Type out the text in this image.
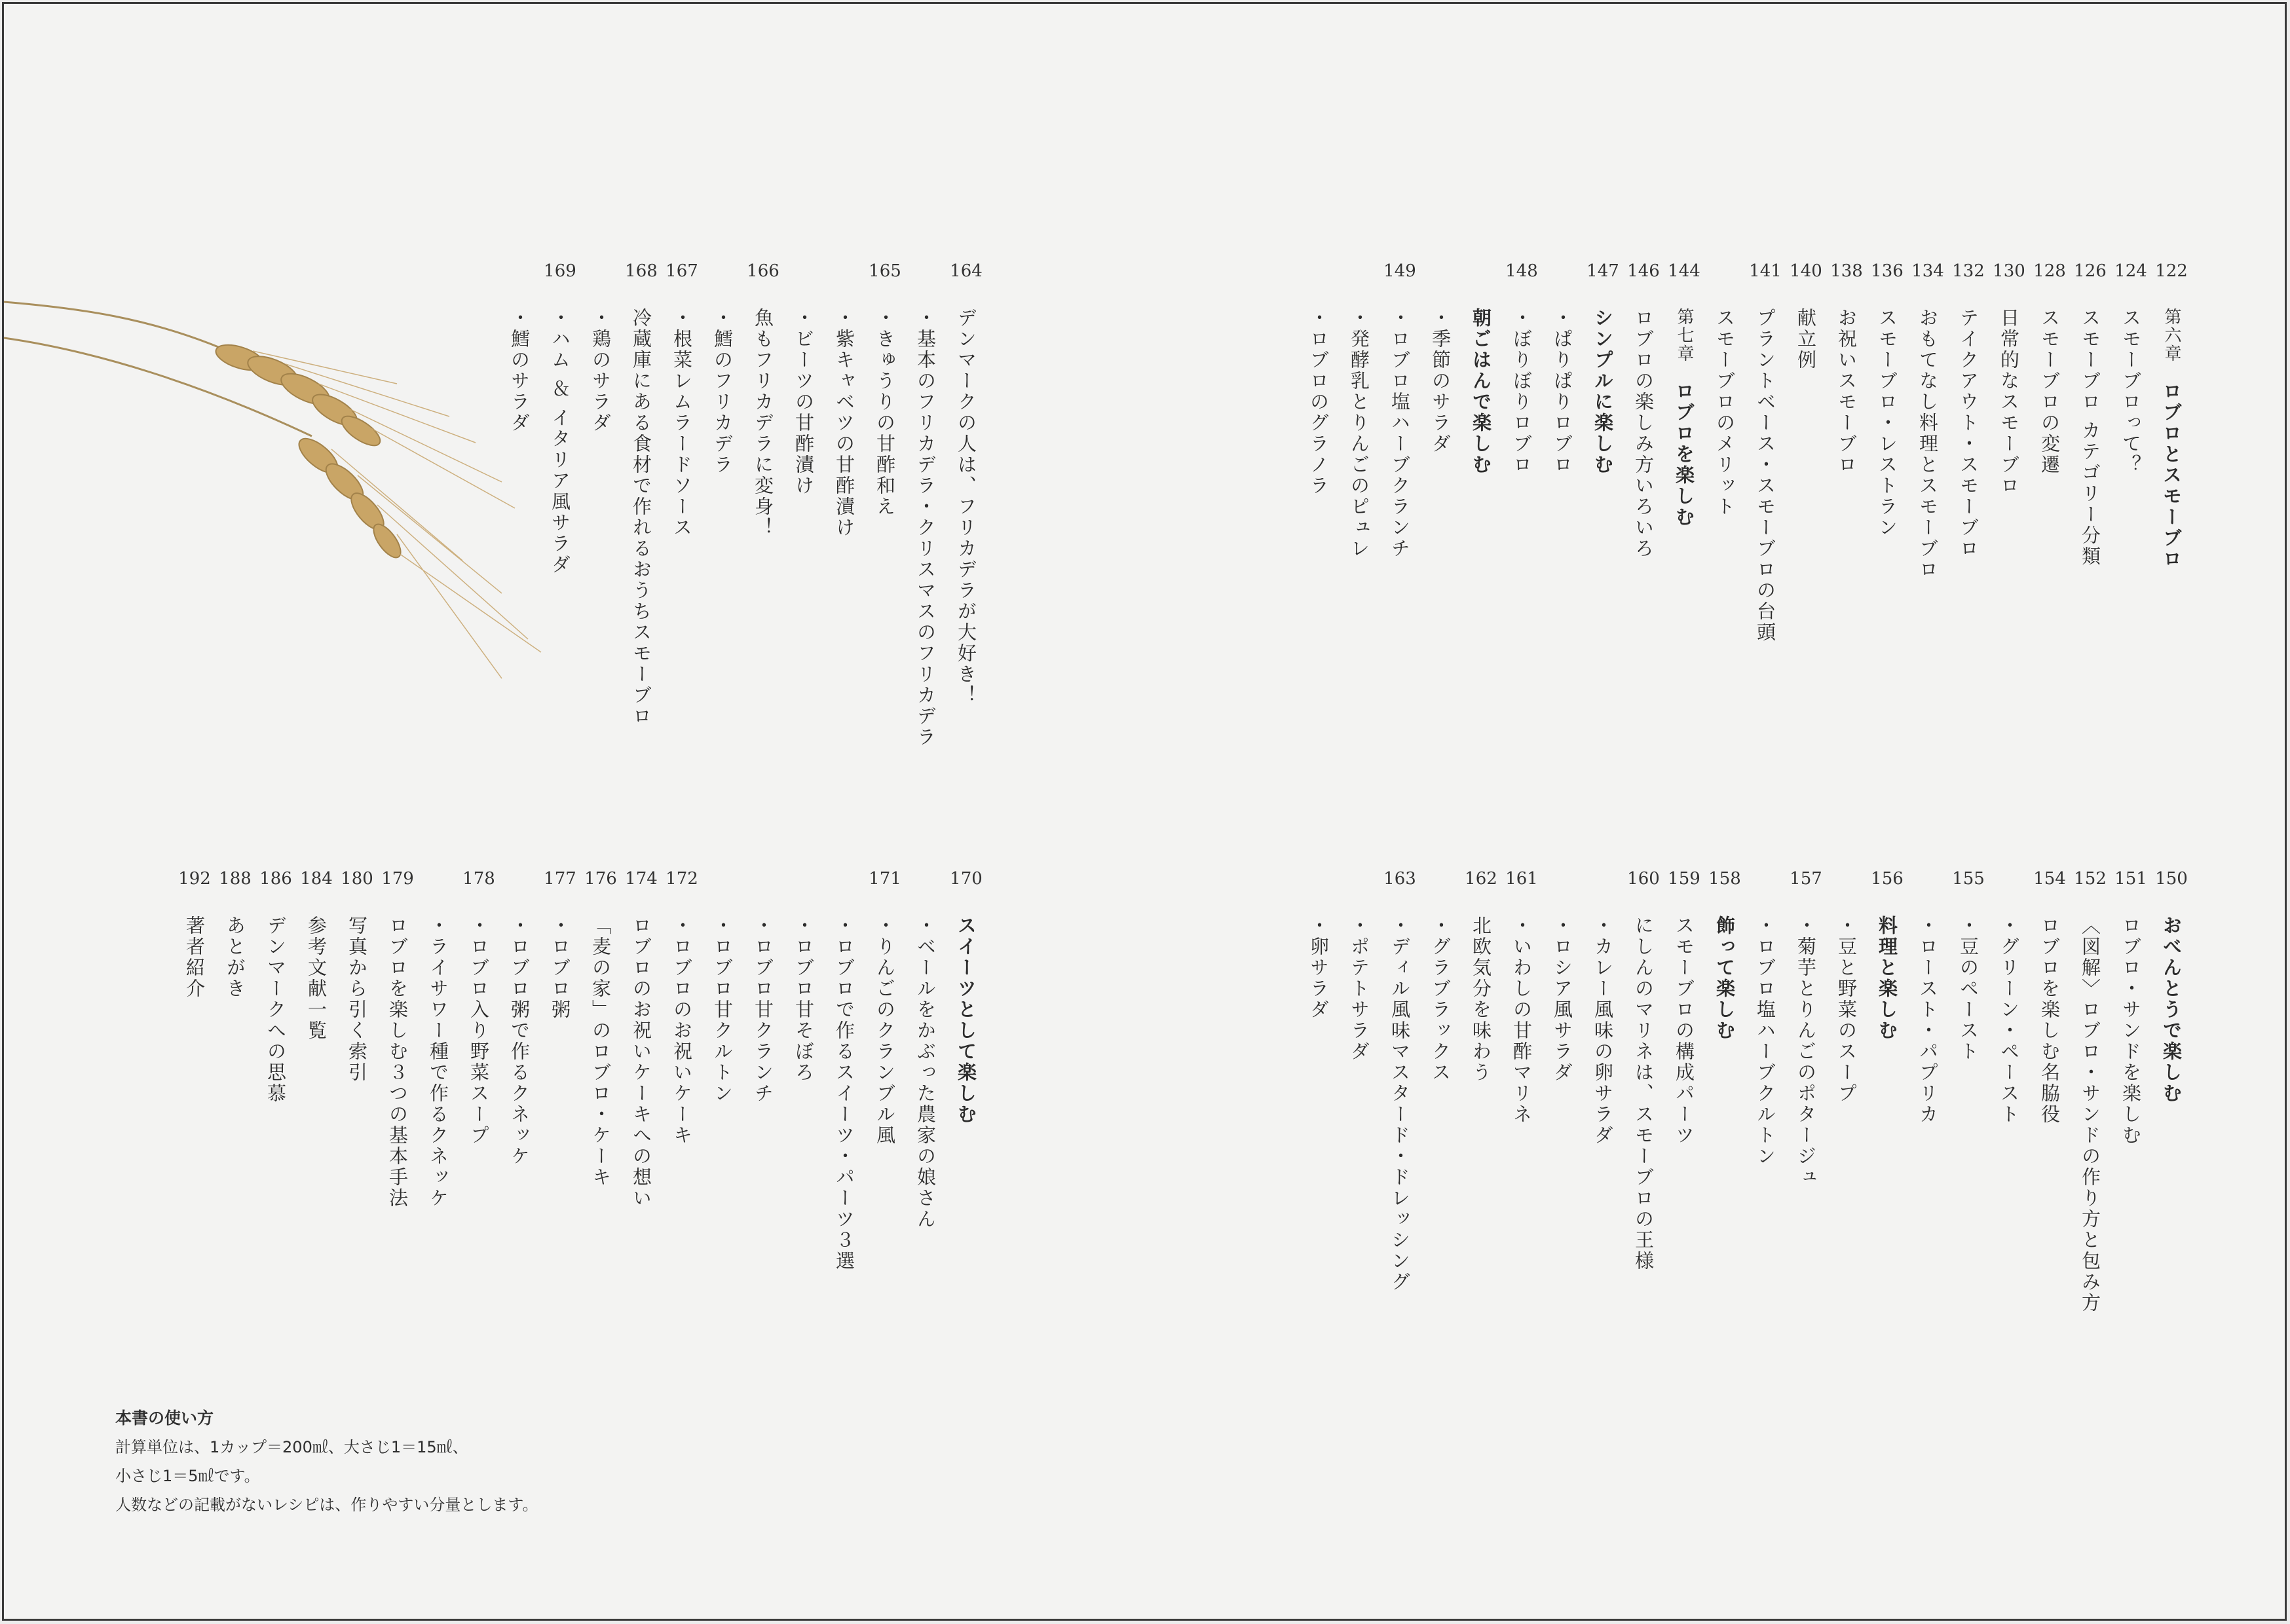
122
第六章　ロブロとスモーブロ
124
スモーブロって？
126
スモーブロ カテゴリー分類
128
スモーブロの変遷
130
日常的なスモーブロ
132
テイクアウト・スモーブロ
134
おもてなし料理とスモーブロ
136
スモーブロ・レストラン
138
お祝いスモーブロ
140
献立例
141
プラントベース・スモーブロの台頭
スモーブロのメリット
144
第七章　ロブロを楽しむ
146
ロブロの楽しみ方いろいろ
147
シンプルに楽しむ
・ぱりぱりロブロ
148
・ぼりぼりロブロ
朝ごはんで楽しむ
・季節のサラダ
149
・ロブロ塩ハーブクランチ
・発酵乳とりんごのピュレ
・ロブロのグラノラ
150
おべんとうで楽しむ
151
ロブロ・サンドを楽しむ
152
〈図解〉ロブロ・サンドの作り方と包み方
154
ロブロを楽しむ名脇役
・グリーン・ペースト
155
・豆のペースト
・ロースト・パプリカ
156
料理と楽しむ
・豆と野菜のスープ
157
・菊芋とりんごのポタージュ
・ロブロ塩ハーブクルトン
158
飾って楽しむ
159
スモーブロの構成パーツ
160
にしんのマリネは、スモーブロの王様
・カレー風味の卵サラダ
・ロシア風サラダ
161
・いわしの甘酢マリネ
162
北欧気分を味わう
・グラブラックス
163
・ディル風味マスタード・ドレッシング
・ポテトサラダ
・卵サラダ
164
デンマークの人は、フリカデラが大好き！
・基本のフリカデラ・クリスマスのフリカデラ
165
・きゅうりの甘酢和え
・紫キャベツの甘酢漬け
・ビーツの甘酢漬け
166
魚もフリカデラに変身！
・鱈のフリカデラ
167
・根菜レムラードソース
168
冷蔵庫にある食材で作れるおうちスモーブロ
・鶏のサラダ
169
・ハム ＆ イタリア風サラダ
・鱈のサラダ
170
スイーツとして楽しむ
・ベールをかぶった農家の娘さん
171
・りんごのクランブル風
・ロブロで作るスイーツ・パーツ３選
・ロブロ甘そぼろ
・ロブロ甘クランチ
・ロブロ甘クルトン
172
・ロブロのお祝いケーキ
174
ロブロのお祝いケーキへの想い
176
「麦の家」のロブロ・ケーキ
177
・ロブロ粥
・ロブロ粥で作るクネッケ
178
・ロブロ入り野菜スープ
・ライサワー種で作るクネッケ
179
ロブロを楽しむ３つの基本手法
180
写真から引く索引
184
参考文献一覧
186
デンマークへの思慕
188
あとがき
192
著者紹介
本書の使い方
計算単位は、1カップ＝200㎖、大さじ1＝15㎖、
小さじ1＝5㎖です。
人数などの記載がないレシピは、作りやすい分量とします。
